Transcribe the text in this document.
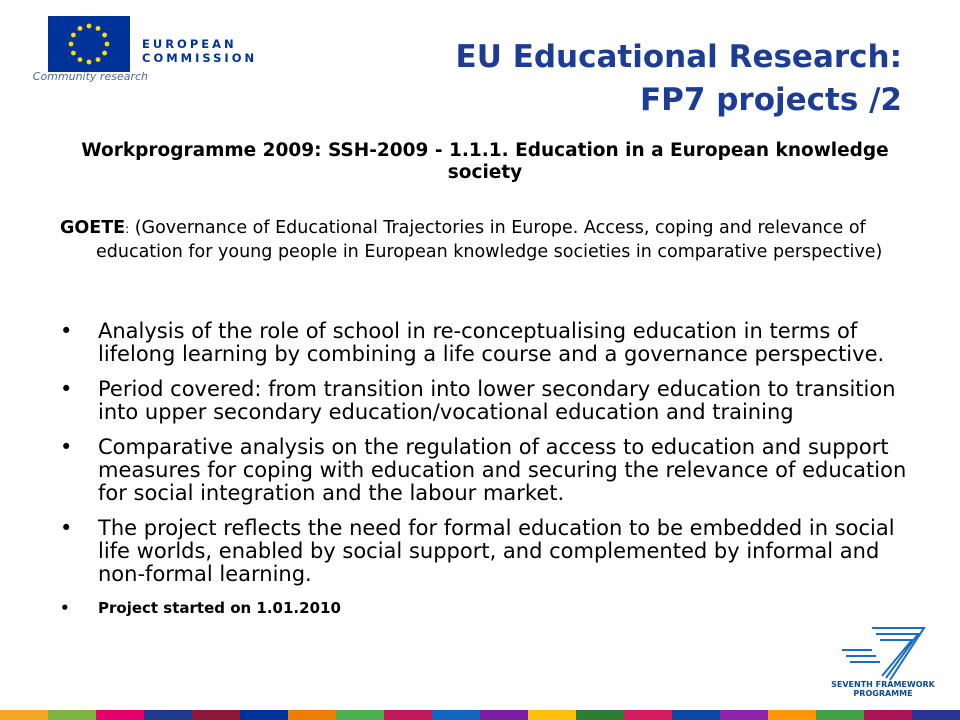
EUROPEAN
COMMISSION
Community research
EU Educational Research:
FP7 projects /2

Workprogramme 2009: SSH-2009 - 1.1.1. Education in a European knowledge society

GOETE: (Governance of Educational Trajectories in Europe. Access, coping and relevance of education for young people in European knowledge societies in comparative perspective)

• Analysis of the role of school in re-conceptualising education in terms of lifelong learning by combining a life course and a governance perspective.
• Period covered: from transition into lower secondary education to transition into upper secondary education/vocational education and training
• Comparative analysis on the regulation of access to education and support measures for coping with education and securing the relevance of education for social integration and the labour market.
• The project reflects the need for formal education to be embedded in social life worlds, enabled by social support, and complemented by informal and non-formal learning.
• Project started on 1.01.2010
SEVENTH FRAMEWORK
PROGRAMME
